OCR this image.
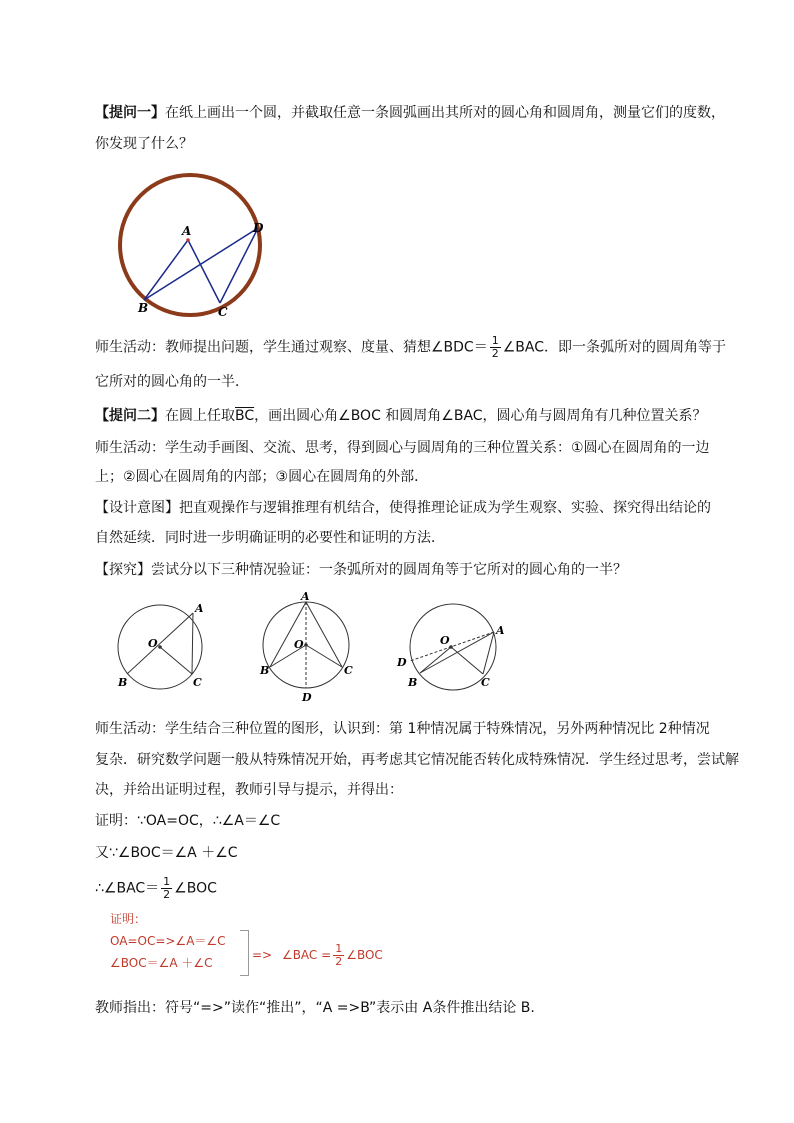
【提问一】在纸上画出一个圆，并截取任意一条圆弧画出其所对的圆心角和圆周角，测量它们的度数，
你发现了什么？
A
B	C
D
师生活动：教师提出问题，学生通过观察、度量、猜想∠BDC＝ $\frac{1}{2}$ ∠BAC．即一条弧所对的圆周角等于
它所对的圆心角的一半．
【提问二】在圆上任取$\overline{BC}$，画出圆心角∠BOC 和圆周角∠BAC，圆心角与圆周角有几种位置关系？
师生活动：学生动手画图、交流、思考，得到圆心与圆周角的三种位置关系：①圆心在圆周角的一边
上；②圆心在圆周角的内部；③圆心在圆周角的外部．
【设计意图】把直观操作与逻辑推理有机结合，使得推理论证成为学生观察、实验、探究得出结论的
自然延续．同时进一步明确证明的必要性和证明的方法．
【探究】尝试分以下三种情况验证：一条弧所对的圆周角等于它所对的圆心角的一半？
A
O
B	C
A
O
B	C
D
A
O
B	C
D
师生活动：学生结合三种位置的图形，认识到：第 1种情况属于特殊情况，另外两种情况比 2种情况
复杂．研究数学问题一般从特殊情况开始，再考虑其它情况能否转化成特殊情况．学生经过思考，尝试解
决，并给出证明过程，教师引导与提示，并得出：
证明：∵OA=OC，∴∠A＝∠C
又∵∠BOC＝∠A ＋∠C
∴∠BAC＝ $\frac{1}{2}$ ∠BOC
证明：
OA=OC=>∠A＝∠C
∠BOC＝∠A ＋∠C
=> ∠BAC = $\frac{1}{2}$ ∠BOC
教师指出：符号“=>”读作“推出”，“A =>B”表示由 A条件推出结论 B.
